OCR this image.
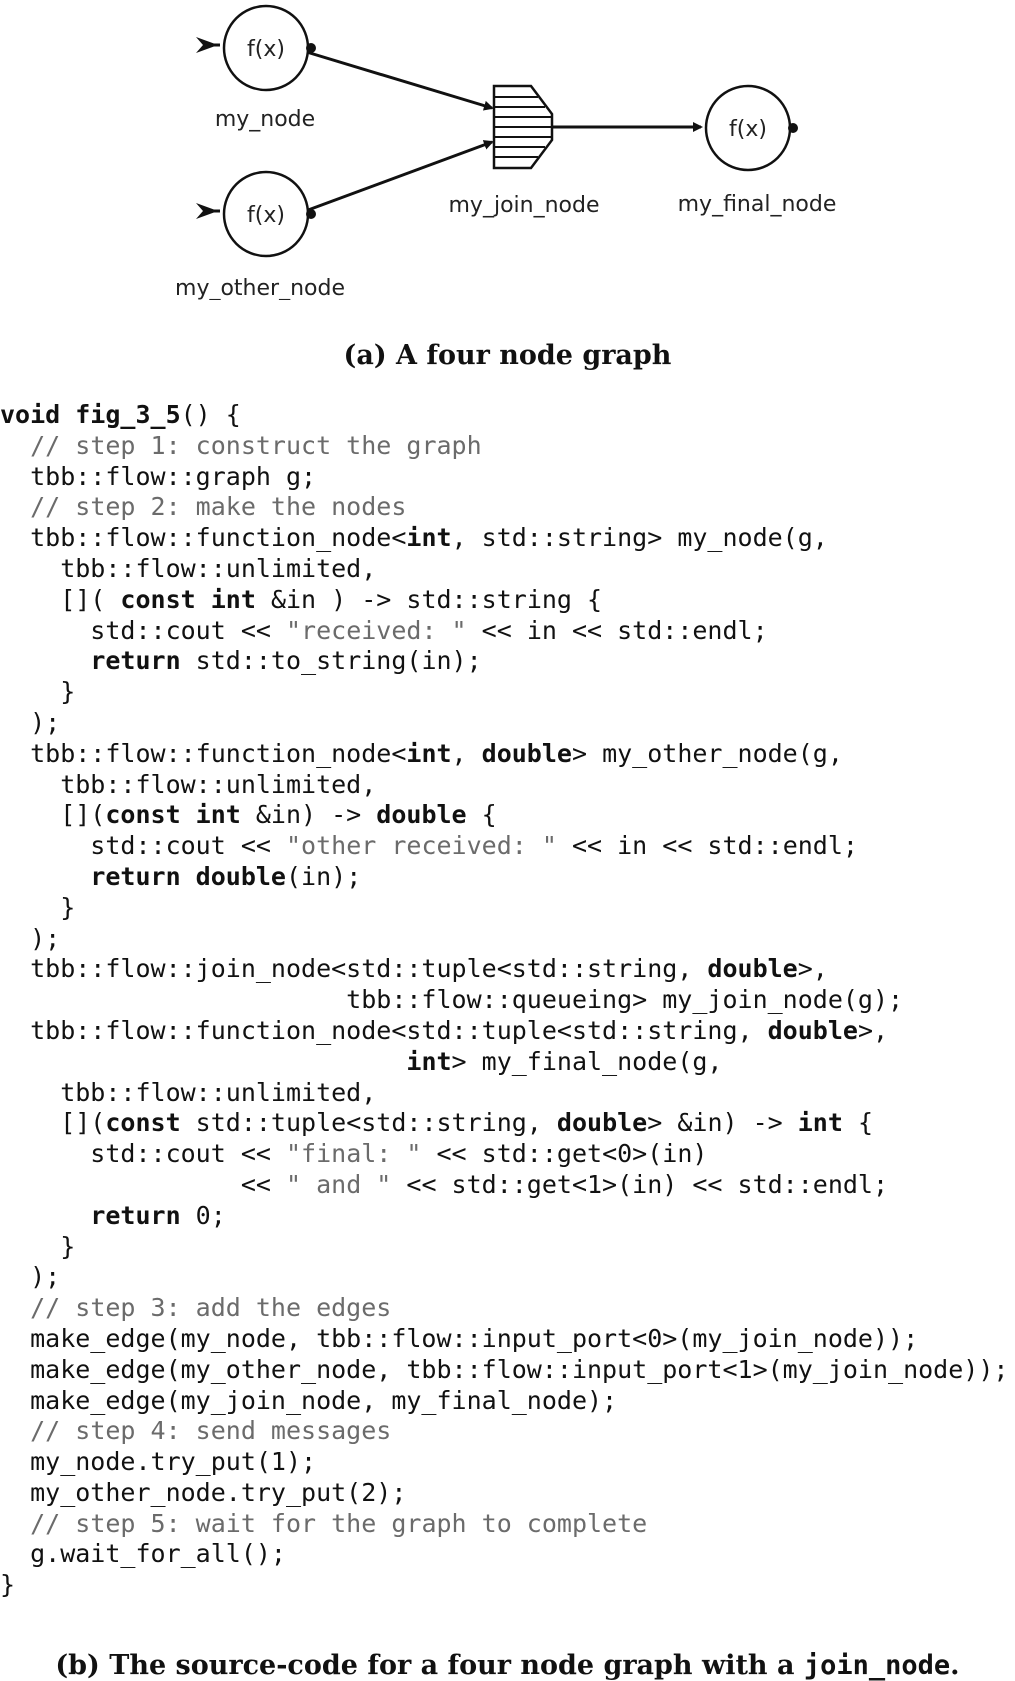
f(x)
my_node
f(x)
my_other_node
my_join_node
f(x)
my_final_node
(a) A four node graph
void fig_3_5() {
// step 1: construct the graph
tbb::flow::graph g;
// step 2: make the nodes
tbb::flow::function_node<int, std::string> my_node(g,
tbb::flow::unlimited,
[]( const int &in ) -> std::string {
std::cout << "received: " << in << std::endl;
return std::to_string(in);
}
);
tbb::flow::function_node<int, double> my_other_node(g,
tbb::flow::unlimited,
[](const int &in) -> double {
std::cout << "other received: " << in << std::endl;
return double(in);
}
);
tbb::flow::join_node<std::tuple<std::string, double>,
tbb::flow::queueing> my_join_node(g);
tbb::flow::function_node<std::tuple<std::string, double>,
int> my_final_node(g,
tbb::flow::unlimited,
[](const std::tuple<std::string, double> &in) -> int {
std::cout << "final: " << std::get<0>(in)
<< " and " << std::get<1>(in) << std::endl;
return 0;
}
);
// step 3: add the edges
make_edge(my_node, tbb::flow::input_port<0>(my_join_node));
make_edge(my_other_node, tbb::flow::input_port<1>(my_join_node));
make_edge(my_join_node, my_final_node);
// step 4: send messages
my_node.try_put(1);
my_other_node.try_put(2);
// step 5: wait for the graph to complete
g.wait_for_all();
}

(b) The source-code for a four node graph with a join_node.
